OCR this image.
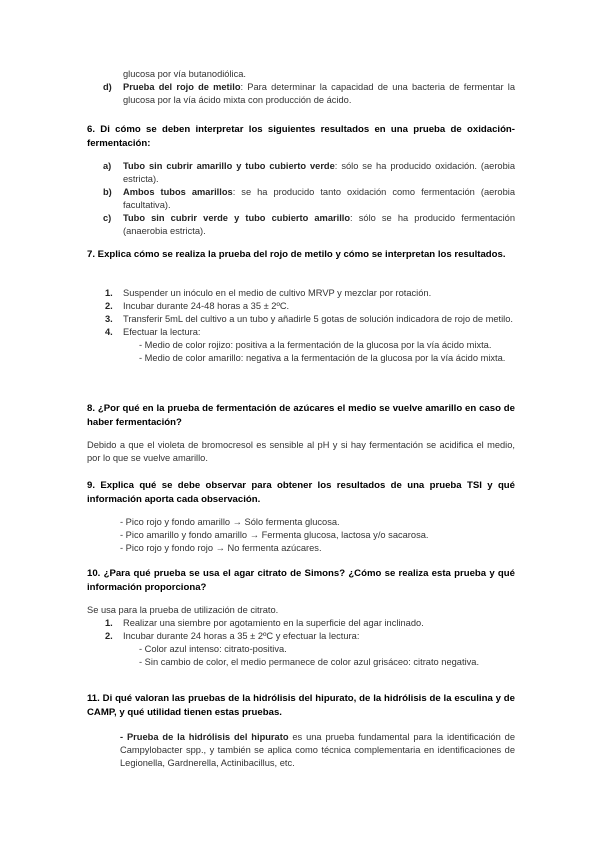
glucosa por vía butanodiólica.
d) Prueba del rojo de metilo: Para determinar la capacidad de una bacteria de fermentar la glucosa por la vía ácido mixta con producción de ácido.
6. Di cómo se deben interpretar los siguientes resultados en una prueba de oxidación-fermentación:
a) Tubo sin cubrir amarillo y tubo cubierto verde: sólo se ha producido oxidación. (aerobia estricta).
b) Ambos tubos amarillos: se ha producido tanto oxidación como fermentación (aerobia facultativa).
c) Tubo sin cubrir verde y tubo cubierto amarillo: sólo se ha producido fermentación (anaerobia estricta).
7. Explica cómo se realiza la prueba del rojo de metilo y cómo se interpretan los resultados.
1. Suspender un inóculo en el medio de cultivo MRVP y mezclar por rotación.
2. Incubar durante 24-48 horas a 35 ± 2ºC.
3. Transferir 5mL del cultivo a un tubo y añadirle 5 gotas de solución indicadora de rojo de metilo.
4. Efectuar la lectura:
- Medio de color rojizo: positiva a la fermentación de la glucosa por la vía ácido mixta.
- Medio de color amarillo: negativa a la fermentación de la glucosa por la vía ácido mixta.
8. ¿Por qué en la prueba de fermentación de azúcares el medio se vuelve amarillo en caso de haber fermentación?
Debido a que el violeta de bromocresol es sensible al pH y si hay fermentación se acidifica el medio, por lo que se vuelve amarillo.
9. Explica qué se debe observar para obtener los resultados de una prueba TSI y qué información aporta cada observación.
- Pico rojo y fondo amarillo → Sólo fermenta glucosa.
- Pico amarillo y fondo amarillo → Fermenta glucosa, lactosa y/o sacarosa.
- Pico rojo y fondo rojo → No fermenta azúcares.
10. ¿Para qué prueba se usa el agar citrato de Simons? ¿Cómo se realiza esta prueba y qué información proporciona?
Se usa para la prueba de utilización de citrato.
1. Realizar una siembre por agotamiento en la superficie del agar inclinado.
2. Incubar durante 24 horas a 35 ± 2ºC y efectuar la lectura:
- Color azul intenso: citrato-positiva.
- Sin cambio de color, el medio permanece de color azul grisáceo: citrato negativa.
11. Di qué valoran las pruebas de la hidrólisis del hipurato, de la hidrólisis de la esculina y de CAMP, y qué utilidad tienen estas pruebas.
- Prueba de la hidrólisis del hipurato es una prueba fundamental para la identificación de Campylobacter spp., y también se aplica como técnica complementaria en identificaciones de Legionella, Gardnerella, Actinibacillus, etc.
